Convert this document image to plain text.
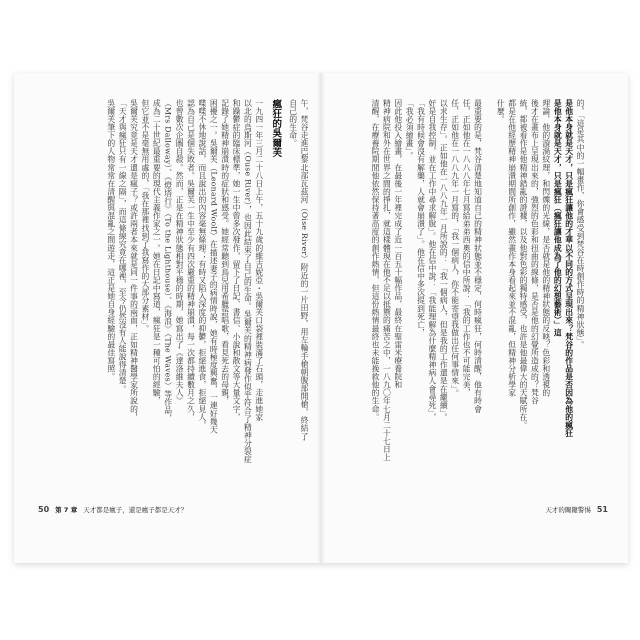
午，梵谷走進巴黎北部瓦茲河（Oise River）附近的一片田野，用左輪手槍朝腹部開槍，終結了
自己的生命。
瘋狂的吳爾芙
一九四一年三月二十八日上午，五十九歲的維吉妮亞・吳爾芙口袋裡裝滿了石頭，走進她家
以北的烏斯河（Ouse River），也因此結束了自己的生命。吳爾芙的精神病發作似乎符合了精神分裂症
和躁鬱症的臨床標準，她一生中曾多次發作，留下了日記、書信、小說和散文等大量文字，
記錄了她精神崩潰時的症狀和感受。她經常聽到鳥兒用希臘語唱歌，看見死去的母親，
困擾之一。吳爾芙（Leonard Woolf）在描述妻子的病情時說，她有時極度興奮，一連好幾天
喋喋不休地說話，而且說出的內容毫無條理；有時又陷入深度的抑鬱，拒絕進食，拒絕見人，
認為自己是個失敗者。吳爾芙一生中至少有四次嚴重的精神崩潰，每一次都持續數月之久，
也曾數次企圖自殺。然而，正是在精神狀態相對平穩的時期，她寫出了《達洛維夫人》
（Mrs Dalloway）、《燈塔行》（To the Lighthouse）、《海浪》（The Waves）等作品，
成為二十世紀最重要的現代主義作家之一。她在日記中寫道，瘋狂是一種可怕的經驗，
但它並不是毫無用處的，「我在那裡找到了我寫作的大部分素材」。
吳爾芙究竟是天才還是瘋子？或許兩者本來就是同一件事的兩面，正如精神醫學家所說的，
「天才與瘋狂只有一線之隔」，而這條線究竟在哪裡，至今仍然沒有人能說得清楚。
吳爾芙筆下的人物常常在清醒與混亂之間遊走，這正是她自身經驗的最佳寫照。
50 第 7 章 天才都是瘋子，還是瘋子都是天才？
的，「這是其中的一幅畫作，你會感受到梵谷在時創作時的精神狀態」。
是他本身就是天才，只是瘋狂讓他的才華以不同的方式呈現出來？梵谷的作品是否因為他的瘋狂
是他本身就是天才，只是瘋狂（瘋狂讓他成為了他的幻想藝術）」這
理論，他的漩渦紋理，和閃爍的光線，是否就是他的精神狀態的反映？色彩和透視的
後才在畫布上呈現出來的，強烈的色彩和扭曲的線條，是否是他的幻覺所造成的？梵谷
統，都被看作是他精神錯亂的證據，以及他對色彩的獨特感受，也許是他最偉大的天賦所在。
都是在他經歷精神崩潰期間所創作，雖然畫作本身看起來並不混亂，但精神分析學家
什麼。
最重要的是，梵谷清楚地知道自己的精神狀態並不穩定，何時瘋狂，何時清醒，他有時會
任，正如他在一八八八年七月寫給弟弟西奧的信中所說：「我的工作也不可能完美，
任，正如他在一八八九年一月寫的，「我一個病人，你不能寄望我做出任何事情來」。
以求生存」。正如他在一八八九年一月所說的：「我一個病人，但是我的工作還是在繼續」。
好是自我控制，並在工作中尋求解脫」。他在信中說：「我能理解為什麼精神病人會尋死」，
「我有時候會沒有解藥，人就會崩潰了」。他在信中多次提到死亡，
「我必須繪畫」。
因此他投入繪畫，在最後一年裡完成了近一百五十幅作品，最終在聖雷米療養院和
精神病院和外在世界之間的掙扎，就這樣體現在他不足以抵禦的痛苦之中，一八九〇年七月二十七日上
清醒，在療養院期間他依然保持著高度的創作熱情，但這份熱情最終也未能挽救他的生命。
天才的關鍵警惕 51
